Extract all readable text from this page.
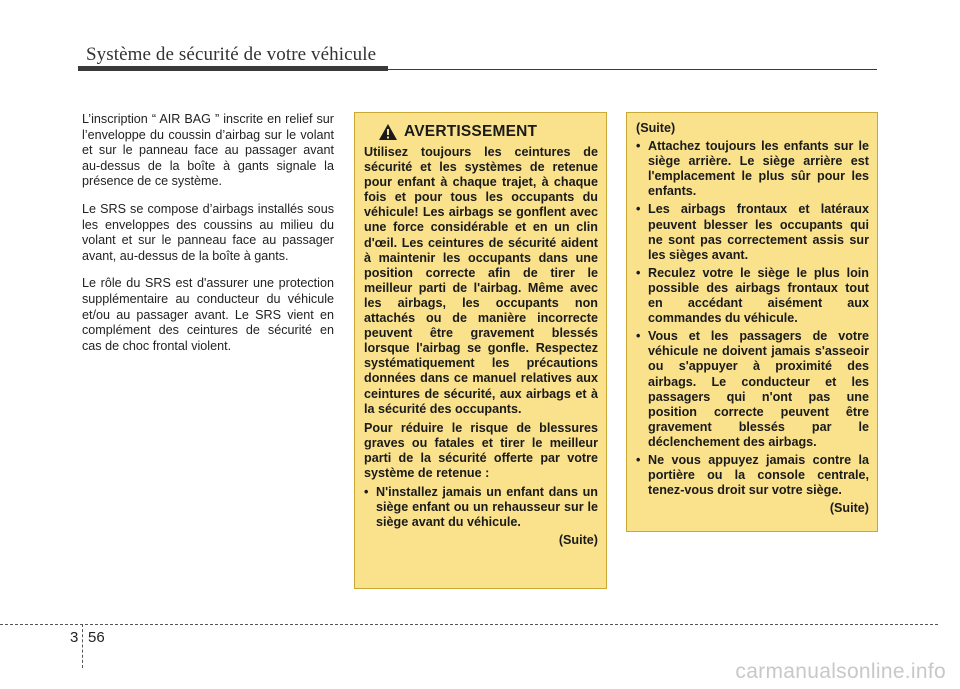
Système de sécurité de votre véhicule

L’inscription “ AIR BAG ” inscrite en relief sur l’enveloppe du coussin d’airbag sur le volant et sur le panneau face au passager avant au-dessus de la boîte à gants signale la présence de ce système.

Le SRS se compose d’airbags installés sous les enveloppes des coussins au milieu du volant et sur le panneau face au passager avant, au-dessus de la boîte à gants.

Le rôle du SRS est d'assurer une protection supplémentaire au conducteur du véhicule et/ou au passager avant. Le SRS vient en complément des ceintures de sécurité en cas de choc frontal violent.

AVERTISSEMENT

Utilisez toujours les ceintures de sécurité et les systèmes de retenue pour enfant à chaque trajet, à chaque fois et pour tous les occupants du véhicule! Les airbags se gonflent avec une force considérable et en un clin d'œil. Les ceintures de sécurité aident à maintenir les occupants dans une position correcte afin de tirer le meilleur parti de l'airbag. Même avec les airbags, les occupants non attachés ou de manière incorrecte peuvent être gravement blessés lorsque l'airbag se gonfle. Respectez systématiquement les précautions données dans ce manuel relatives aux ceintures de sécurité, aux airbags et à la sécurité des occupants.

Pour réduire le risque de blessures graves ou fatales et tirer le meilleur parti de la sécurité offerte par votre système de retenue :

• N'installez jamais un enfant dans un siège enfant ou un rehausseur sur le siège avant du véhicule.
(Suite)
(Suite)
• Attachez toujours les enfants sur le siège arrière. Le siège arrière est l'emplacement le plus sûr pour les enfants.
• Les airbags frontaux et latéraux peuvent blesser les occupants qui ne sont pas correctement assis sur les sièges avant.
• Reculez votre le siège le plus loin possible des airbags frontaux tout en accédant aisément aux commandes du véhicule.
• Vous et les passagers de votre véhicule ne doivent jamais s'asseoir ou s'appuyer à proximité des airbags. Le conducteur et les passagers qui n'ont pas une position correcte peuvent être gravement blessés par le déclenchement des airbags.
• Ne vous appuyez jamais contre la portière ou la console centrale, tenez-vous droit sur votre siège.
(Suite)
3 56
carmanualsonline.info
